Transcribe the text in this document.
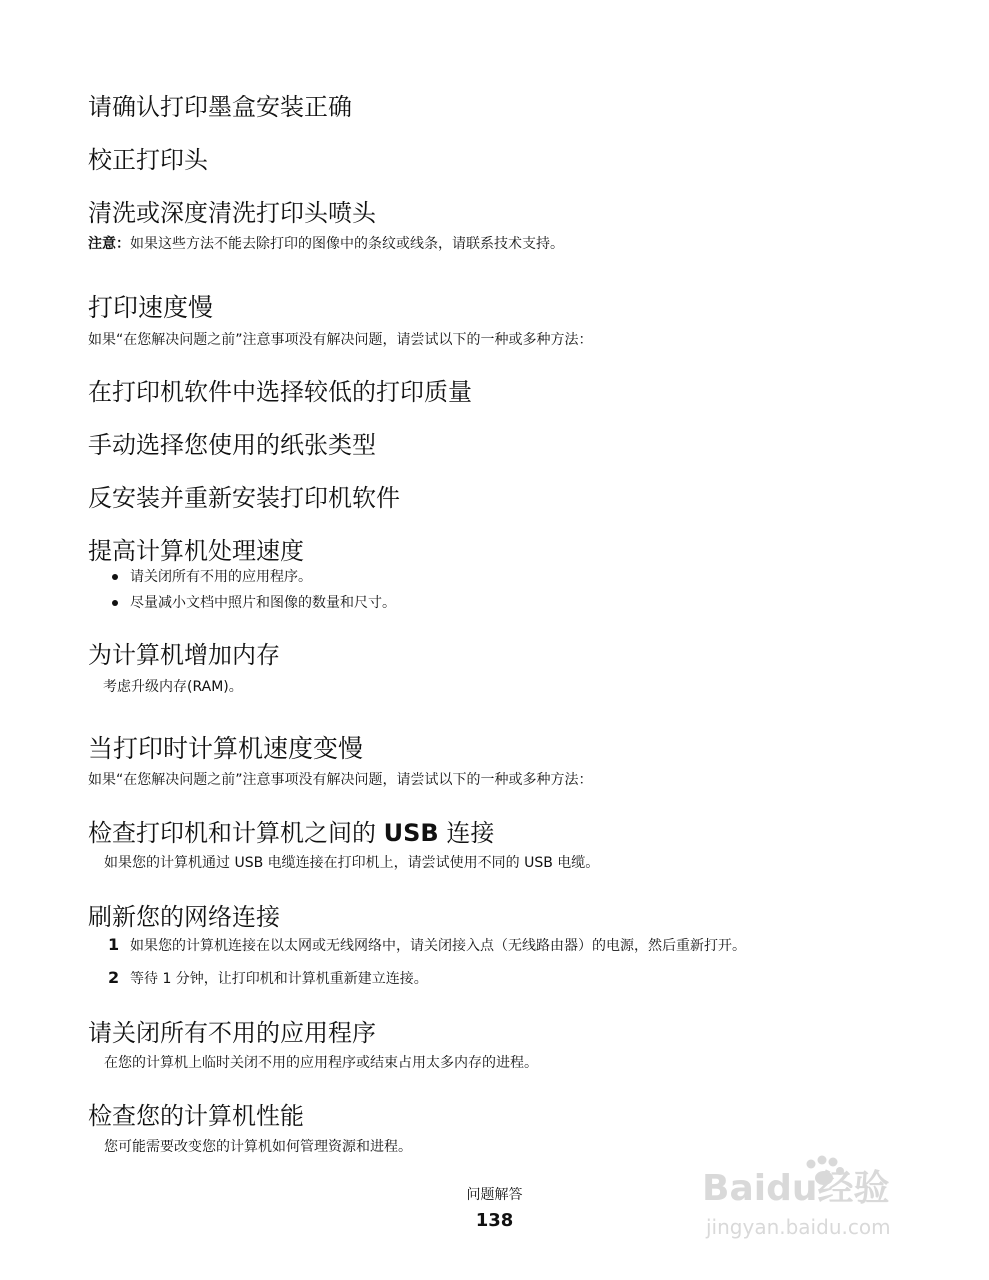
请确认打印墨盒安装正确
校正打印头
清洗或深度清洗打印头喷头
注意：如果这些方法不能去除打印的图像中的条纹或线条，请联系技术支持。
打印速度慢
如果“在您解决问题之前”注意事项没有解决问题，请尝试以下的一种或多种方法：
在打印机软件中选择较低的打印质量
手动选择您使用的纸张类型
反安装并重新安装打印机软件
提高计算机处理速度
请关闭所有不用的应用程序。
尽量减小文档中照片和图像的数量和尺寸。
为计算机增加内存
考虑升级内存(RAM)。
当打印时计算机速度变慢
如果“在您解决问题之前”注意事项没有解决问题，请尝试以下的一种或多种方法：
检查打印机和计算机之间的 USB 连接
如果您的计算机通过 USB 电缆连接在打印机上，请尝试使用不同的 USB 电缆。
刷新您的网络连接
1 如果您的计算机连接在以太网或无线网络中，请关闭接入点（无线路由器）的电源，然后重新打开。
2 等待 1 分钟，让打印机和计算机重新建立连接。
请关闭所有不用的应用程序
在您的计算机上临时关闭不用的应用程序或结束占用太多内存的进程。
检查您的计算机性能
您可能需要改变您的计算机如何管理资源和进程。
问题解答
138
Baidu经验
jingyan.baidu.com
